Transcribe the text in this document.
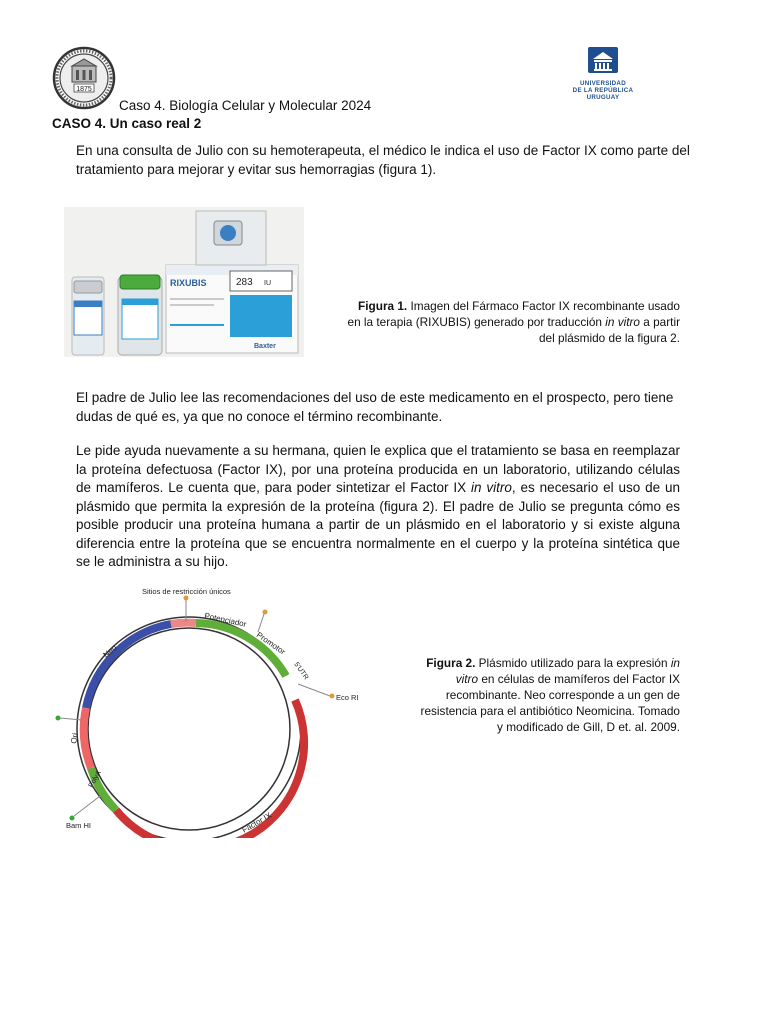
1875
UNIVERSIDAD
DE LA REPÚBLICA
URUGUAY
Caso 4. Biología Celular y Molecular 2024
CASO 4. Un caso real 2
En una consulta de Julio con su hemoterapeuta, el médico le indica el uso de Factor IX como parte del tratamiento para mejorar y evitar sus hemorragias (figura 1).
RIXUBIS	283 IU
Baxter
Figura 1. Imagen del Fármaco Factor IX recombinante usado en la terapia (RIXUBIS) generado por traducción in vitro a partir del plásmido de la figura 2.
El padre de Julio lee las recomendaciones del uso de este medicamento en el prospecto, pero tiene dudas de qué es, ya que no conoce el término recombinante.
Le pide ayuda nuevamente a su hermana, quien le explica que el tratamiento se basa en reemplazar la proteína defectuosa (Factor IX), por una proteína producida en un laboratorio, utilizando células de mamíferos. Le cuenta que, para poder sintetizar el Factor IX in vitro, es necesario el uso de un plásmido que permita la expresión de la proteína (figura 2). El padre de Julio se pregunta cómo es posible producir una proteína humana a partir de un plásmido en el laboratorio y si existe alguna diferencia entre la proteína que se encuentra normalmente en el cuerpo y la proteína sintética que se le administra a su hijo.
Sitios de restricción únicos
Neo
Potenciador
Promotor
5'UTR
Eco RI
Ori
PolyA
Bam HI	Factor IX
Figura 2. Plásmido utilizado para la expresión in vitro en células de mamíferos del Factor IX recombinante. Neo corresponde a un gen de resistencia para el antibiótico Neomicina. Tomado y modificado de Gill, D et. al. 2009.
